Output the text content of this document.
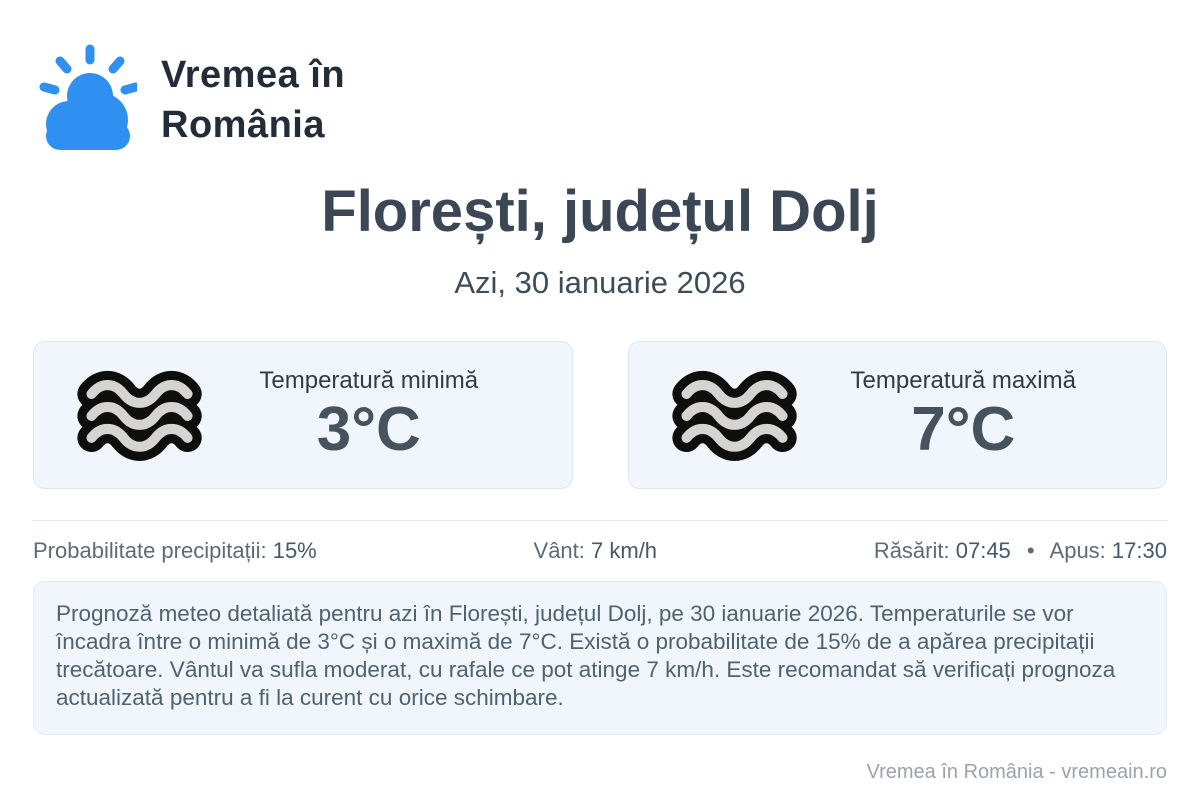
Vremea în
România
Florești, județul Dolj
Azi, 30 ianuarie 2026
Temperatură minimă
3°C
Temperatură maximă
7°C
Probabilitate precipitații: 15%	Vânt: 7 km/h	Răsărit: 07:45 • Apus: 17:30
Prognoză meteo detaliată pentru azi în Florești, județul Dolj, pe 30 ianuarie 2026. Temperaturile se vor încadra între o minimă de 3°C și o maximă de 7°C. Există o probabilitate de 15% de a apărea precipitații trecătoare. Vântul va sufla moderat, cu rafale ce pot atinge 7 km/h. Este recomandat să verificați prognoza actualizată pentru a fi la curent cu orice schimbare.
Vremea în România - vremeain.ro
